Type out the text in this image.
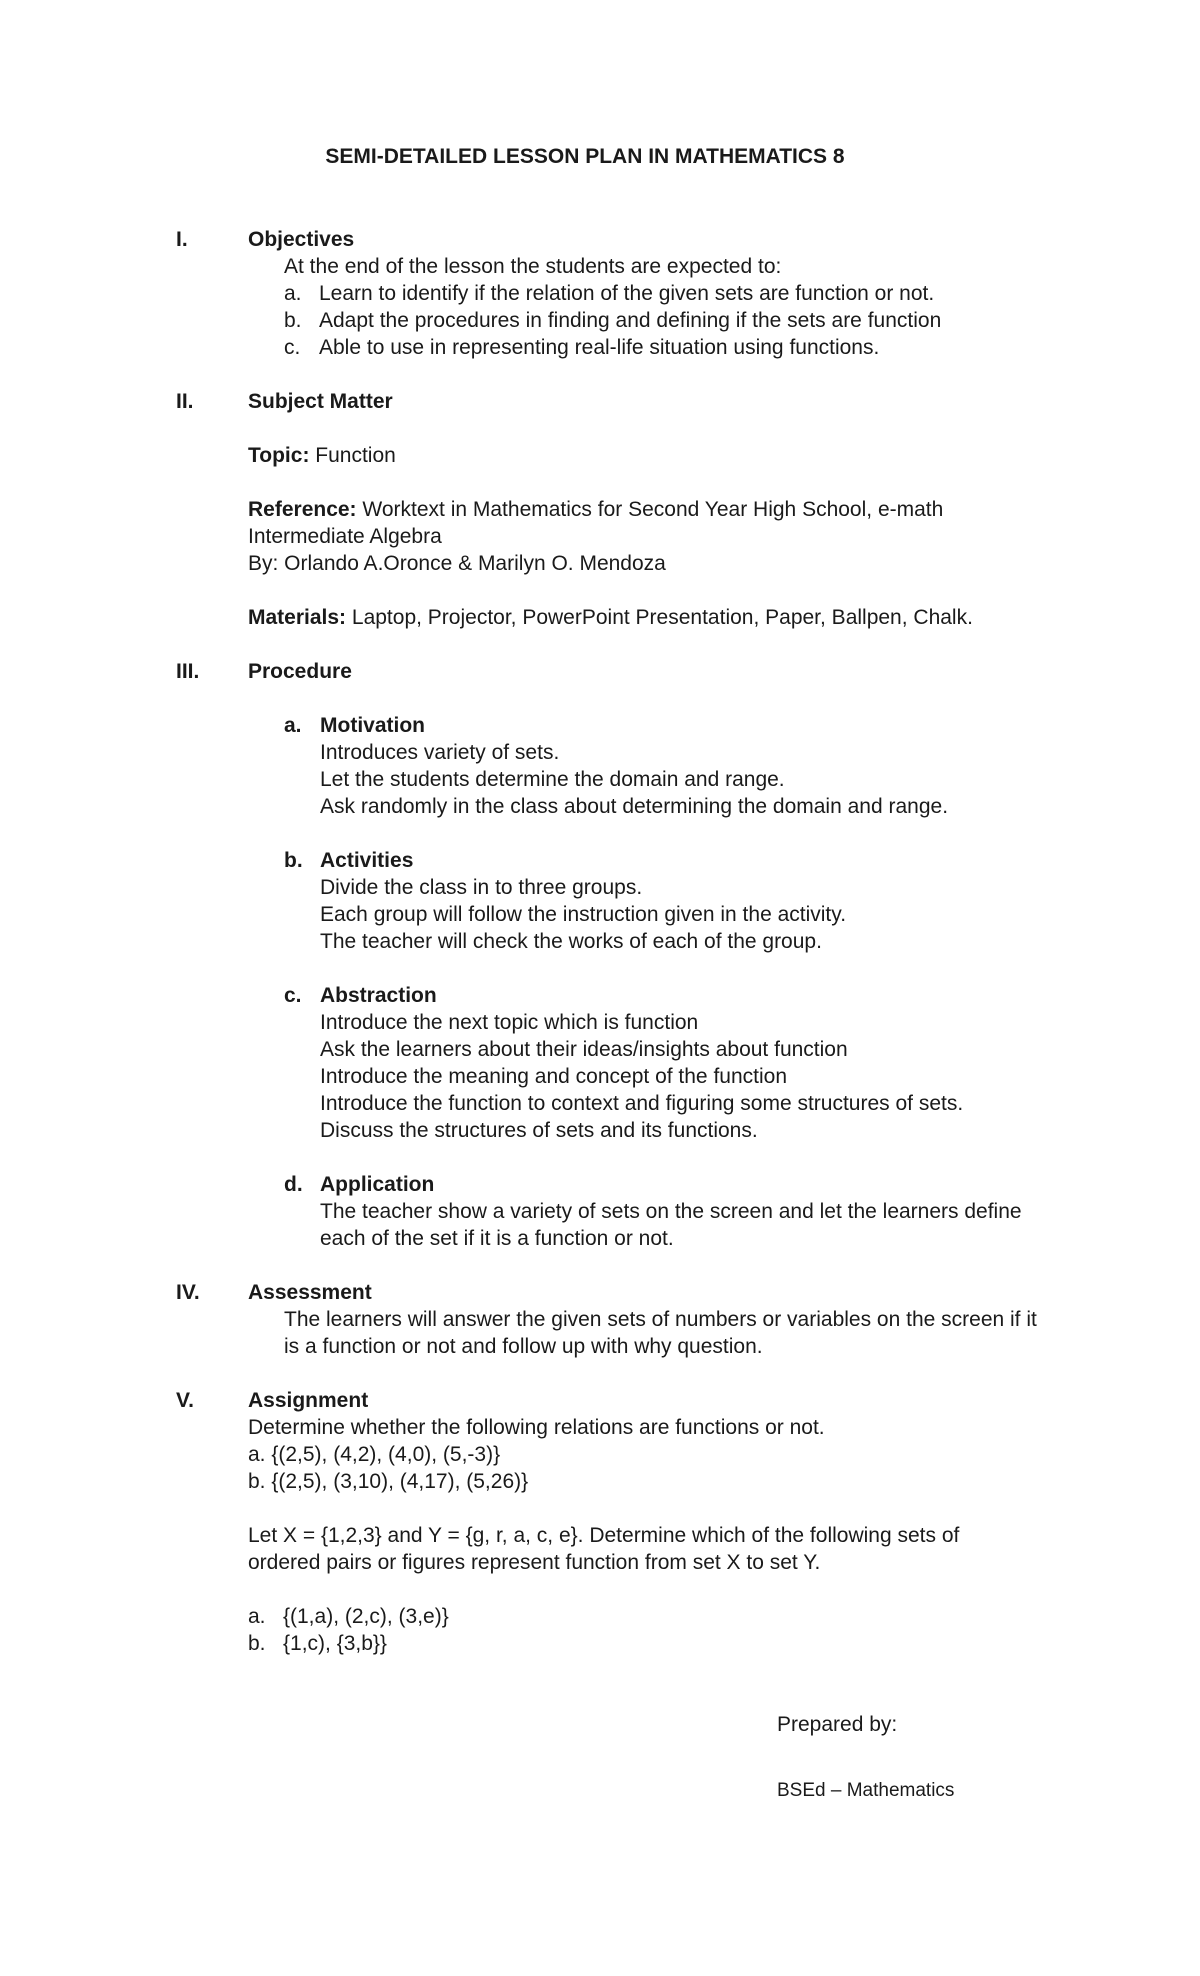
SEMI-DETAILED LESSON PLAN IN MATHEMATICS 8
I.	Objectives
At the end of the lesson the students are expected to:
a. Learn to identify if the relation of the given sets are function or not.
b. Adapt the procedures in finding and defining if the sets are function
c. Able to use in representing real-life situation using functions.
II.	Subject Matter
Topic: Function
Reference: Worktext in Mathematics for Second Year High School, e-math
Intermediate Algebra
By: Orlando A.Oronce & Marilyn O. Mendoza
Materials: Laptop, Projector, PowerPoint Presentation, Paper, Ballpen, Chalk.
III. Procedure
a. Motivation
Introduces variety of sets.
Let the students determine the domain and range.
Ask randomly in the class about determining the domain and range.
b. Activities
Divide the class in to three groups.
Each group will follow the instruction given in the activity.
The teacher will check the works of each of the group.
c. Abstraction
Introduce the next topic which is function
Ask the learners about their ideas/insights about function
Introduce the meaning and concept of the function
Introduce the function to context and figuring some structures of sets.
Discuss the structures of sets and its functions.
d. Application
The teacher show a variety of sets on the screen and let the learners define
each of the set if it is a function or not.
IV. Assessment
The learners will answer the given sets of numbers or variables on the screen if it
is a function or not and follow up with why question.
V.	Assignment
Determine whether the following relations are functions or not.
a. {(2,5), (4,2), (4,0), (5,-3)}
b. {(2,5), (3,10), (4,17), (5,26)}
Let X = {1,2,3} and Y = {g, r, a, c, e}. Determine which of the following sets of
ordered pairs or figures represent function from set X to set Y.
a. {(1,a), (2,c), (3,e)}
b. {1,c), {3,b}}
Prepared by:
BSEd – Mathematics
